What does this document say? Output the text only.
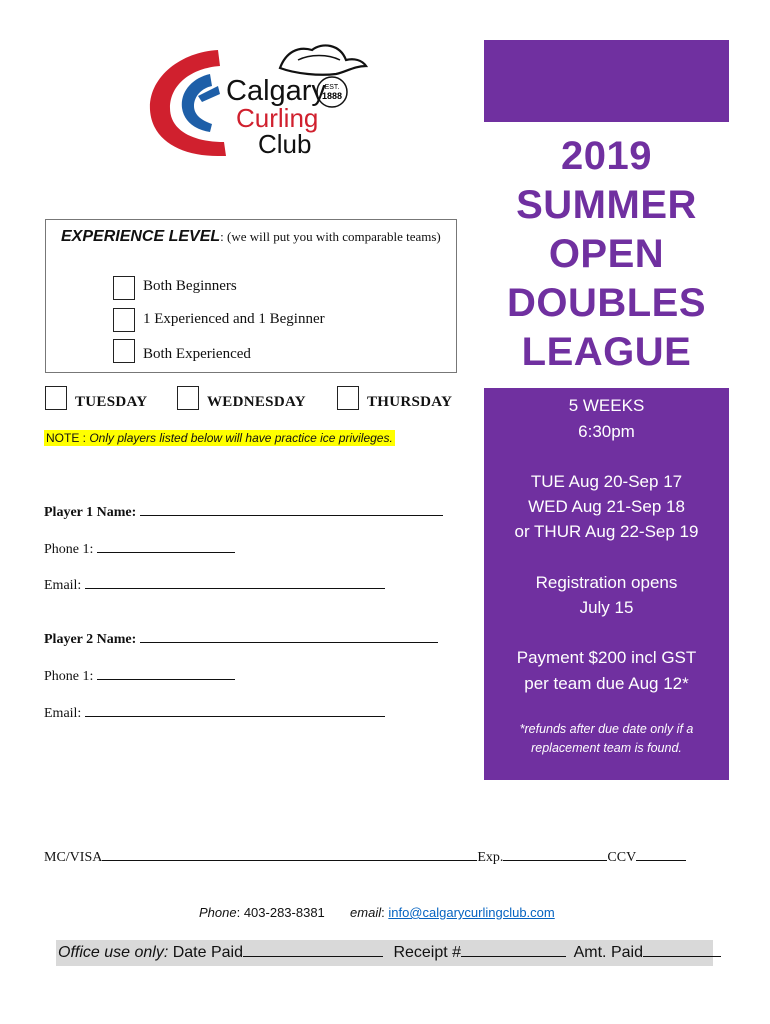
EST.
1888
Calgary
Curling
Club	2019
SUMMER
OPEN
DOUBLES
LEAGUE
5 WEEKS
6:30pm
TUE Aug 20-Sep 17
WED Aug 21-Sep 18
or THUR Aug 22-Sep 19
Registration opens
July 15
Payment $200 incl GST
per team due Aug 12*
*refunds after due date only if a
replacement team is found.
EXPERIENCE LEVEL: (we will put you with comparable teams)
Both Beginners
1 Experienced and 1 Beginner
Both Experienced
TUESDAY	WEDNESDAY	THURSDAY
NOTE : Only players listed below will have practice ice privileges.
Player 1 Name:
Phone 1:
Email:
Player 2 Name:
Phone 1:
Email:
MC/VISA	Exp.	CCV
Phone: 403-283-8381 email: info@calgarycurlingclub.com
Office use only: Date Paid	Receipt #	Amt. Paid
